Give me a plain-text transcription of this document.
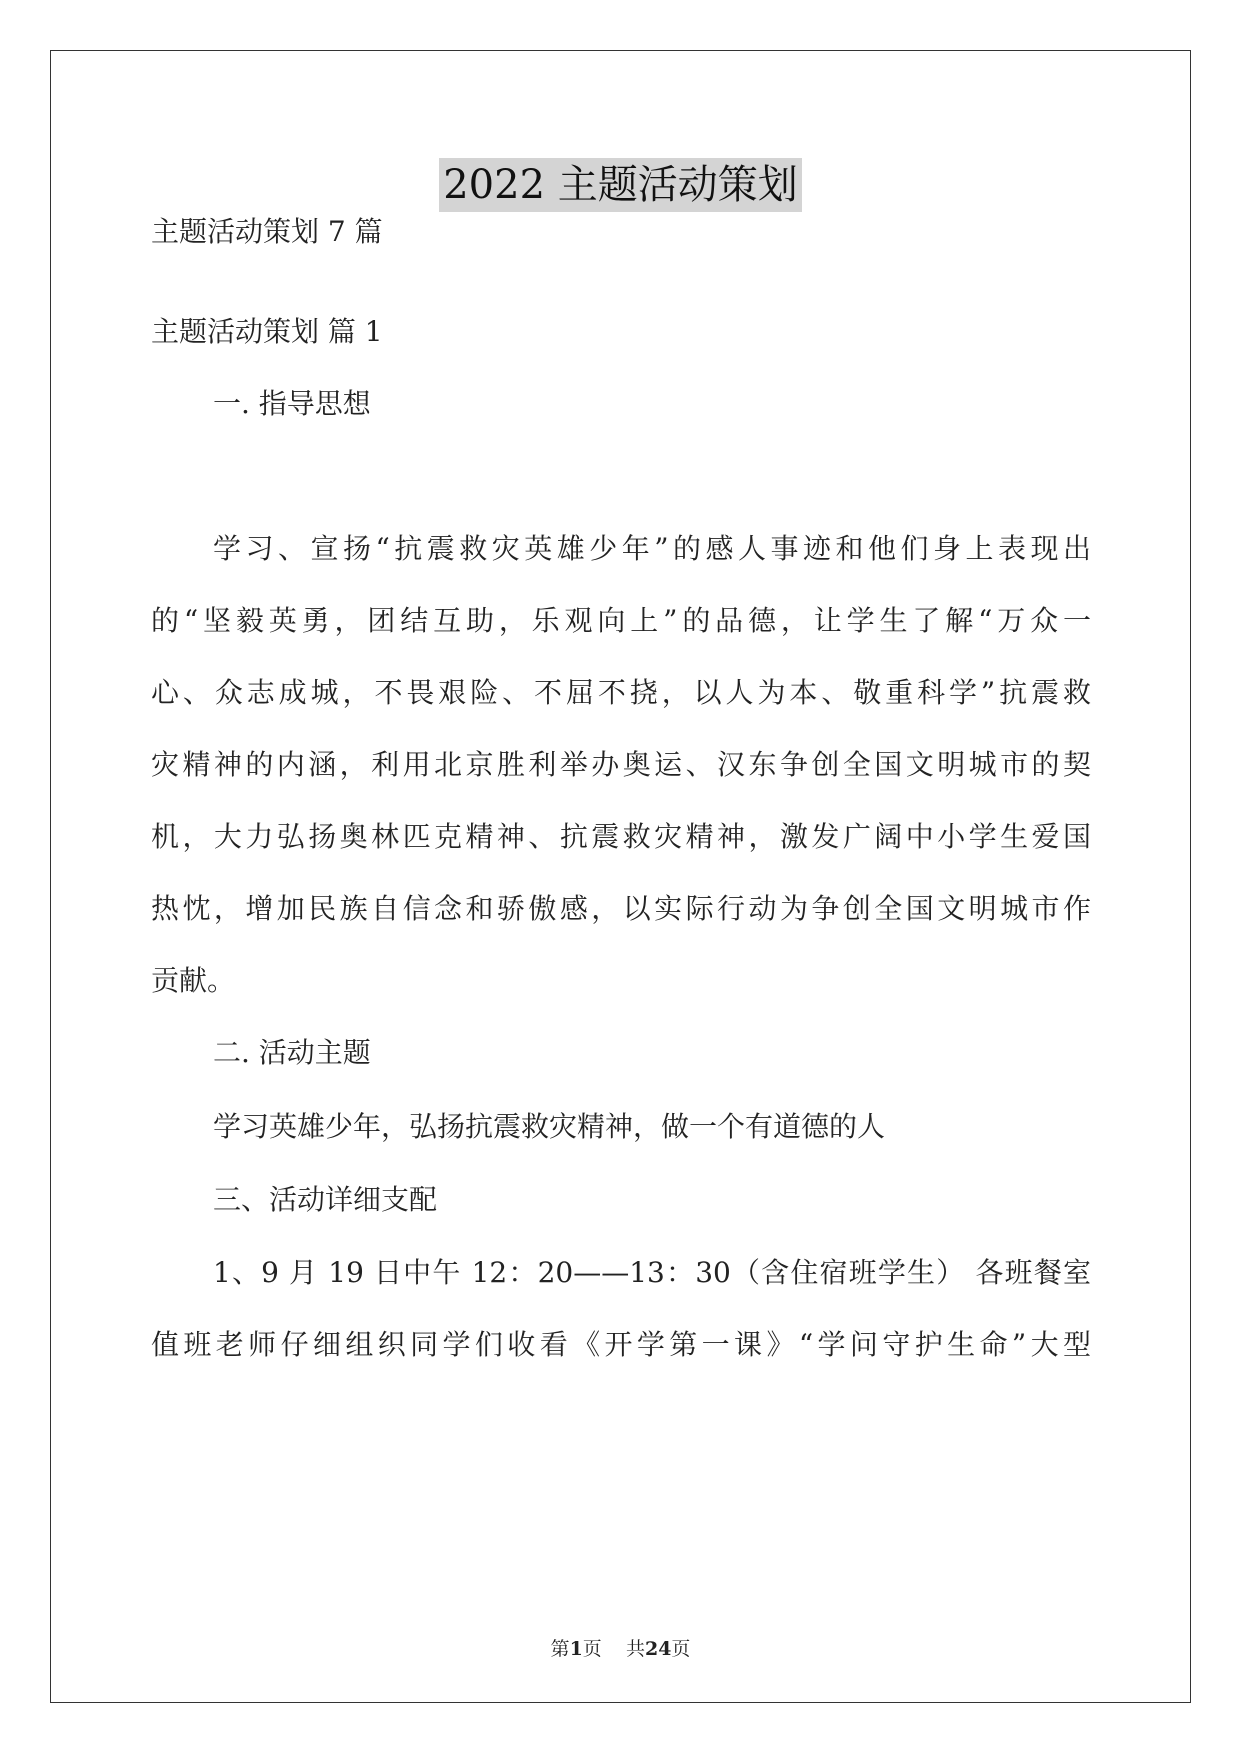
2022 主题活动策划
主题活动策划 7 篇
主题活动策划 篇 1
一. 指导思想
学习、宣扬“抗震救灾英雄少年”的感人事迹和他们身上表现出
的“坚毅英勇，团结互助，乐观向上”的品德，让学生了解“万众一
心、众志成城，不畏艰险、不屈不挠，以人为本、敬重科学”抗震救
灾精神的内涵，利用北京胜利举办奥运、汉东争创全国文明城市的契
机，大力弘扬奥林匹克精神、抗震救灾精神，激发广阔中小学生爱国
热忱，增加民族自信念和骄傲感，以实际行动为争创全国文明城市作
贡献。
二. 活动主题
学习英雄少年，弘扬抗震救灾精神，做一个有道德的人
三、活动详细支配
1、9 月 19 日中午 12：20——13：30（含住宿班学生） 各班餐室
值班老师仔细组织同学们收看《开学第一课》“学问守护生命”大型
第1页    共24页
